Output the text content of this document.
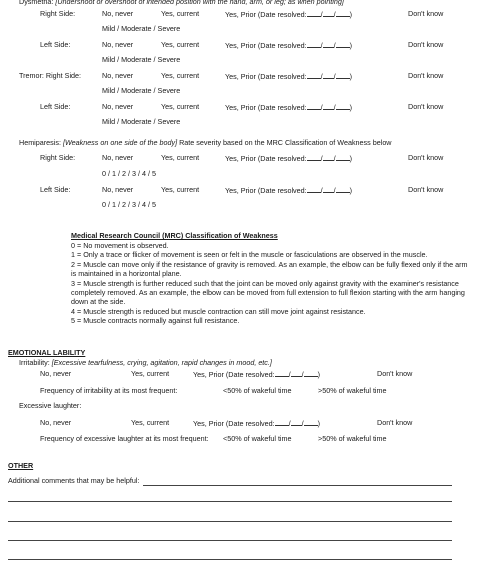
Dysmetria: [Undershoot or overshoot of intended position with the hand, arm, or leg; as when pointing]
Right Side:	No, never	Yes, current	Yes, Prior (Date resolved: / / )	Don't know
Mild / Moderate / Severe
Left Side:	No, never	Yes, current	Yes, Prior (Date resolved: / / )	Don't know
Mild / Moderate / Severe
Tremor: Right Side:	No, never	Yes, current	Yes, Prior (Date resolved: / / )	Don't know
Mild / Moderate / Severe
Left Side:	No, never	Yes, current	Yes, Prior (Date resolved: / / )	Don't know
Mild / Moderate / Severe
Hemiparesis: [Weakness on one side of the body] Rate severity based on the MRC Classification of Weakness below
Right Side:	No, never	Yes, current	Yes, Prior (Date resolved: / / )	Don't know
0 / 1 / 2 / 3 / 4 / 5
Left Side:	No, never	Yes, current	Yes, Prior (Date resolved: / / )	Don't know
0 / 1 / 2 / 3 / 4 / 5
Medical Research Council (MRC) Classification of Weakness
0 = No movement is observed.
1 = Only a trace or flicker of movement is seen or felt in the muscle or fasciculations are observed in the muscle.
2 = Muscle can move only if the resistance of gravity is removed. As an example, the elbow can be fully flexed only if the arm is maintained in a horizontal plane.
3 = Muscle strength is further reduced such that the joint can be moved only against gravity with the examiner's resistance completely removed. As an example, the elbow can be moved from full extension to full flexion starting with the arm hanging down at the side.
4 = Muscle strength is reduced but muscle contraction can still move joint against resistance.
5 = Muscle contracts normally against full resistance.
EMOTIONAL LABILITY
Irritability: [Excessive tearfulness, crying, agitation, rapid changes in mood, etc.]
No, never	Yes, current	Yes, Prior (Date resolved: / / )	Don't know
Frequency of irritability at its most frequent:	<50% of wakeful time	>50% of wakeful time
Excessive laughter:
No, never	Yes, current	Yes, Prior (Date resolved: / / )	Don't know
Frequency of excessive laughter at its most frequent: <50% of wakeful time	>50% of wakeful time
OTHER
Additional comments that may be helpful:
